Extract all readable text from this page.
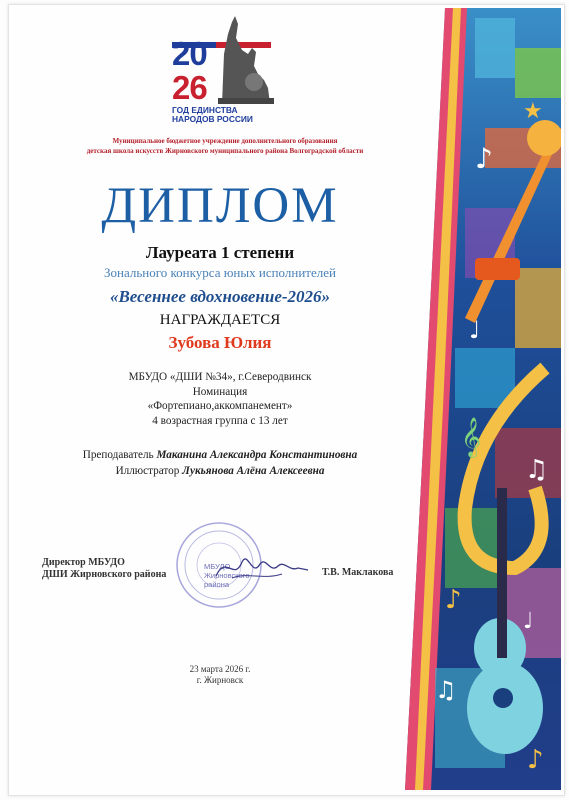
♪
★
𝄞
♫
♪
♩
♫
♪
♩
20
26
ГОД ЕДИНСТВА
НАРОДОВ РОССИИ
Муниципальное бюджетное учреждение дополнительного образования
детская школа искусств Жирновского муниципального района Волгоградской области
ДИПЛОМ
Лауреата 1 степени
Зонального конкурса юных исполнителей
«Весеннее вдохновение-2026»
НАГРАЖДАЕТСЯ
Зубова Юлия
МБУДО «ДШИ №34», г.Северодвинск
Номинация
«Фортепиано,аккомпанемент»
4 возрастная группа с 13 лет
Преподаватель Маканина Александра Константиновна
Иллюстратор Лукьянова Алёна Алексеевна
Директор МБУДО
ДШИ Жирновского района
МБУДО
Жирновского
района
Т.В. Маклакова
23 марта 2026 г.
г. Жирновск
